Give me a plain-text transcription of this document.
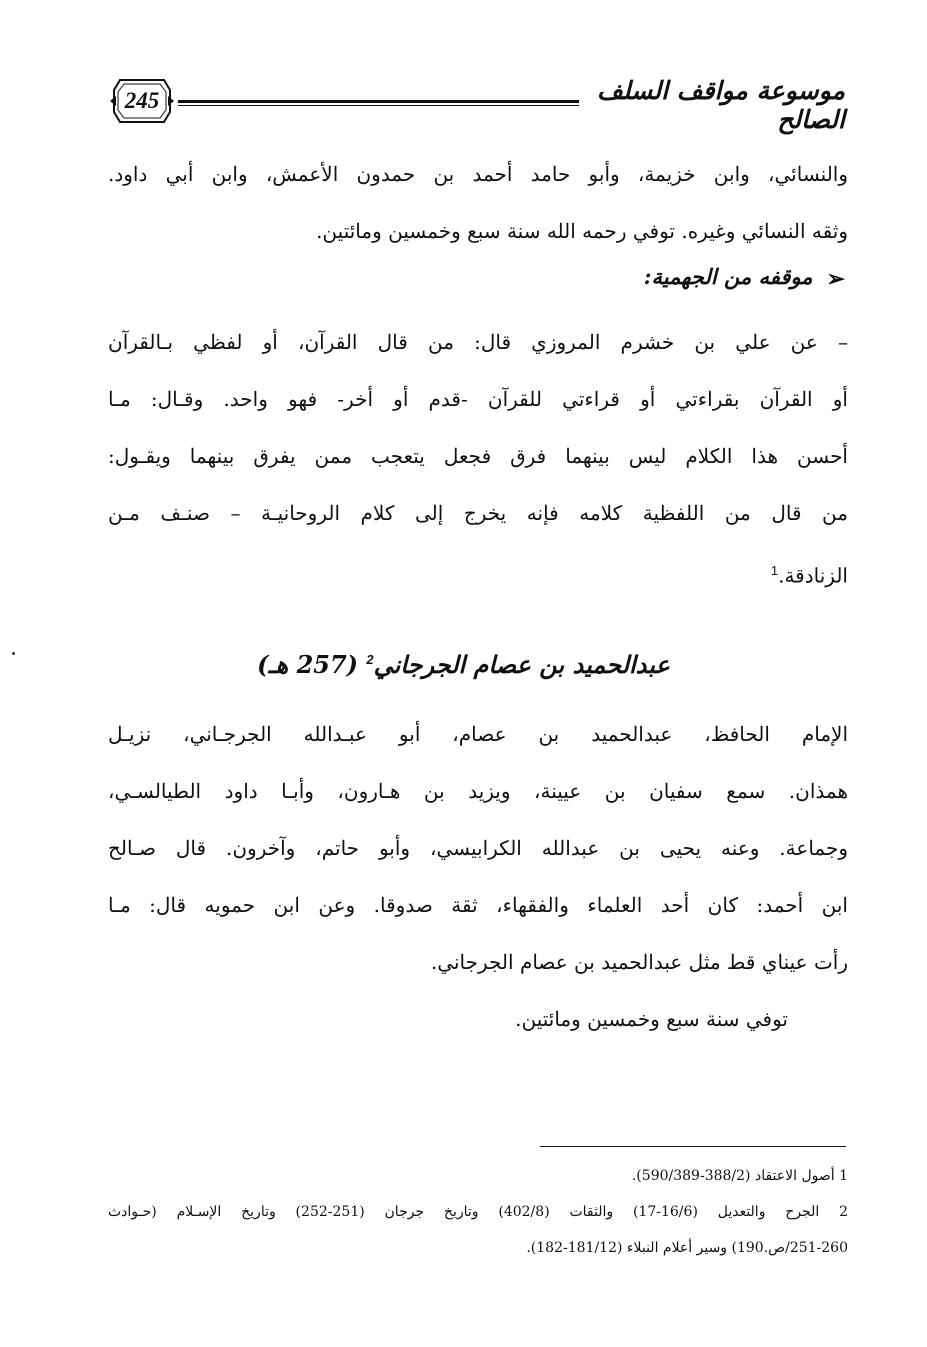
245	موسوعة مواقف السلف الصالح
والنسائي، وابن خزيمة، وأبو حامد أحمد بن حمدون الأعمش، وابن أبي داود.
وثقه النسائي وغيره. توفي رحمه الله سنة سبع وخمسين ومائتين.
➢موقفه من الجهمية:
– عن علي بن خشرم المروزي قال: من قال القرآن، أو لفظي بـالقرآن
أو القرآن بقراءتي أو قراءتي للقرآن -قدم أو أخر- فهو واحد. وقـال: مـا
أحسن هذا الكلام ليس بينهما فرق فجعل يتعجب ممن يفرق بينهما ويقـول:
من قال من اللفظية كلامه فإنه يخرج إلى كلام الروحانيـة – صنـف مـن
الزنادقة.$^1$
عبدالحميد بن عصام الجرجاني$^2$ (257 هـ)
الإمام الحافظ، عبدالحميد بن عصام، أبو عبـدالله الجرجـاني، نزيـل
همذان. سمع سفيان بن عيينة، ويزيد بن هـارون، وأبـا داود الطيالسـي،
وجماعة. وعنه يحيى بن عبدالله الكرابيسي، وأبو حاتم، وآخرون. قال صـالح
ابن أحمد: كان أحد العلماء والفقهاء، ثقة صدوقا. وعن ابن حمويه قال: مـا
رأت عيناي قط مثل عبدالحميد بن عصام الجرجاني.
توفي سنة سبع وخمسين ومائتين.
1 أصول الاعتقاد (388/2-590/389).
2 الجرح والتعديل (16/6-17) والثقات (402/8) وتاريخ جرجان (251-252) وتاريخ الإسـلام (حـوادث
251-260/ص.190) وسير أعلام النبلاء (181/12-182).
